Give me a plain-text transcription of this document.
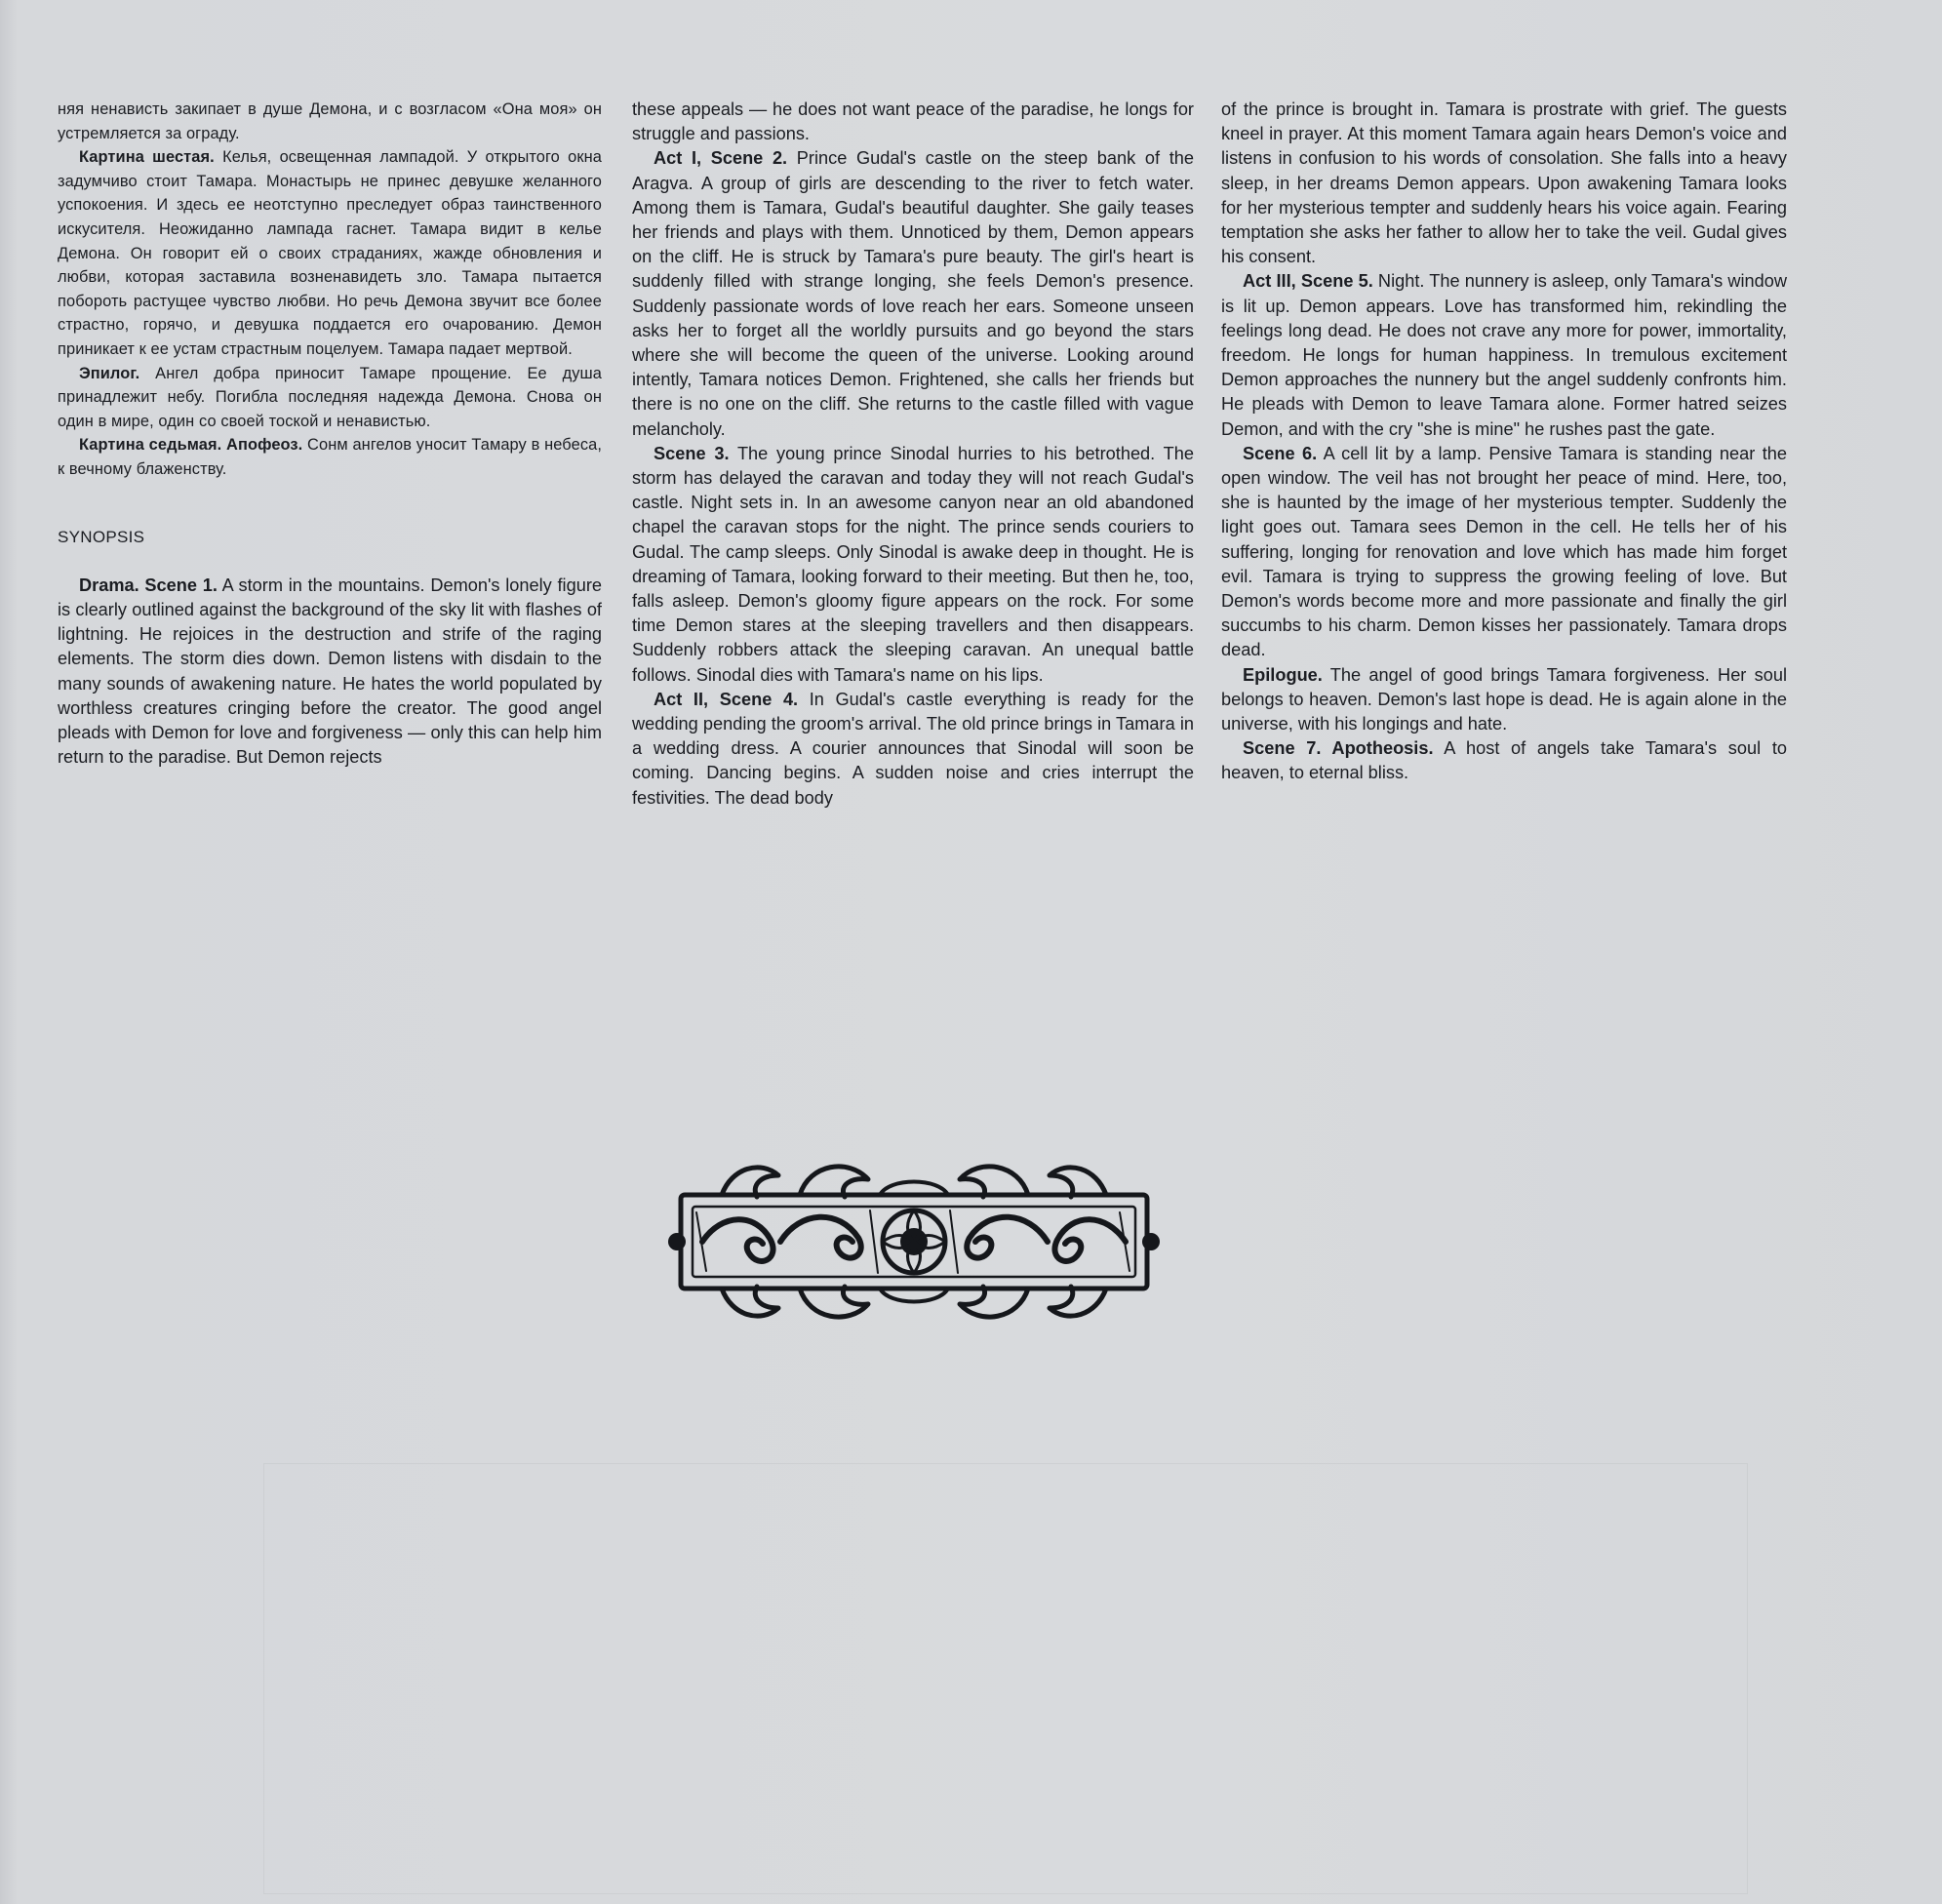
няя ненависть закипает в душе Демона, и с возгласом «Она моя» он устремляется за ограду.

Картина шестая. Келья, освещенная лампадой. У открытого окна задумчиво стоит Тамара. Монастырь не принес девушке желанного успокоения. И здесь ее неотступно преследует образ таинственного искусителя. Неожиданно лампада гаснет. Тамара видит в келье Демона. Он говорит ей о своих страданиях, жажде обновления и любви, которая заставила возненавидеть зло. Тамара пытается побороть растущее чувство любви. Но речь Демона звучит все более страстно, горячо, и девушка поддается его очарованию. Демон приникает к ее устам страстным поцелуем. Тамара падает мертвой.

Эпилог. Ангел добра приносит Тамаре прощение. Ее душа принадлежит небу. Погибла последняя надежда Демона. Снова он один в мире, один со своей тоской и ненавистью.

Картина седьмая. Апофеоз. Сонм ангелов уносит Тамару в небеса, к вечному блаженству.

SYNOPSIS

Drama. Scene 1. A storm in the mountains. Demon's lonely figure is clearly outlined against the background of the sky lit with flashes of lightning. He rejoices in the destruction and strife of the raging elements. The storm dies down. Demon listens with disdain to the many sounds of awakening nature. He hates the world populated by worthless creatures cringing before the creator. The good angel pleads with Demon for love and forgiveness — only this can help him return to the paradise. But Demon rejects

these appeals — he does not want peace of the paradise, he longs for struggle and passions.

Act I, Scene 2. Prince Gudal's castle on the steep bank of the Aragva. A group of girls are descending to the river to fetch water. Among them is Tamara, Gudal's beautiful daughter. She gaily teases her friends and plays with them. Unnoticed by them, Demon appears on the cliff. He is struck by Tamara's pure beauty. The girl's heart is suddenly filled with strange longing, she feels Demon's presence. Suddenly passionate words of love reach her ears. Someone unseen asks her to forget all the worldly pursuits and go beyond the stars where she will become the queen of the universe. Looking around intently, Tamara notices Demon. Frightened, she calls her friends but there is no one on the cliff. She returns to the castle filled with vague melancholy.

Scene 3. The young prince Sinodal hurries to his betrothed. The storm has delayed the caravan and today they will not reach Gudal's castle. Night sets in. In an awesome canyon near an old abandoned chapel the caravan stops for the night. The prince sends couriers to Gudal. The camp sleeps. Only Sinodal is awake deep in thought. He is dreaming of Tamara, looking forward to their meeting. But then he, too, falls asleep. Demon's gloomy figure appears on the rock. For some time Demon stares at the sleeping travellers and then disappears. Suddenly robbers attack the sleeping caravan. An unequal battle follows. Sinodal dies with Tamara's name on his lips.

Act II, Scene 4. In Gudal's castle everything is ready for the wedding pending the groom's arrival. The old prince brings in Tamara in a wedding dress. A courier announces that Sinodal will soon be coming. Dancing begins. A sudden noise and cries interrupt the festivities. The dead body

of the prince is brought in. Tamara is prostrate with grief. The guests kneel in prayer. At this moment Tamara again hears Demon's voice and listens in confusion to his words of consolation. She falls into a heavy sleep, in her dreams Demon appears. Upon awakening Tamara looks for her mysterious tempter and suddenly hears his voice again. Fearing temptation she asks her father to allow her to take the veil. Gudal gives his consent.

Act III, Scene 5. Night. The nunnery is asleep, only Tamara's window is lit up. Demon appears. Love has transformed him, rekindling the feelings long dead. He does not crave any more for power, immortality, freedom. He longs for human happiness. In tremulous excitement Demon approaches the nunnery but the angel suddenly confronts him. He pleads with Demon to leave Tamara alone. Former hatred seizes Demon, and with the cry "she is mine" he rushes past the gate.

Scene 6. A cell lit by a lamp. Pensive Tamara is standing near the open window. The veil has not brought her peace of mind. Here, too, she is haunted by the image of her mysterious tempter. Suddenly the light goes out. Tamara sees Demon in the cell. He tells her of his suffering, longing for renovation and love which has made him forget evil. Tamara is trying to suppress the growing feeling of love. But Demon's words become more and more passionate and finally the girl succumbs to his charm. Demon kisses her passionately. Tamara drops dead.

Epilogue. The angel of good brings Tamara forgiveness. Her soul belongs to heaven. Demon's last hope is dead. He is again alone in the universe, with his longings and hate.

Scene 7. Apotheosis. A host of angels take Tamara's soul to heaven, to eternal bliss.
